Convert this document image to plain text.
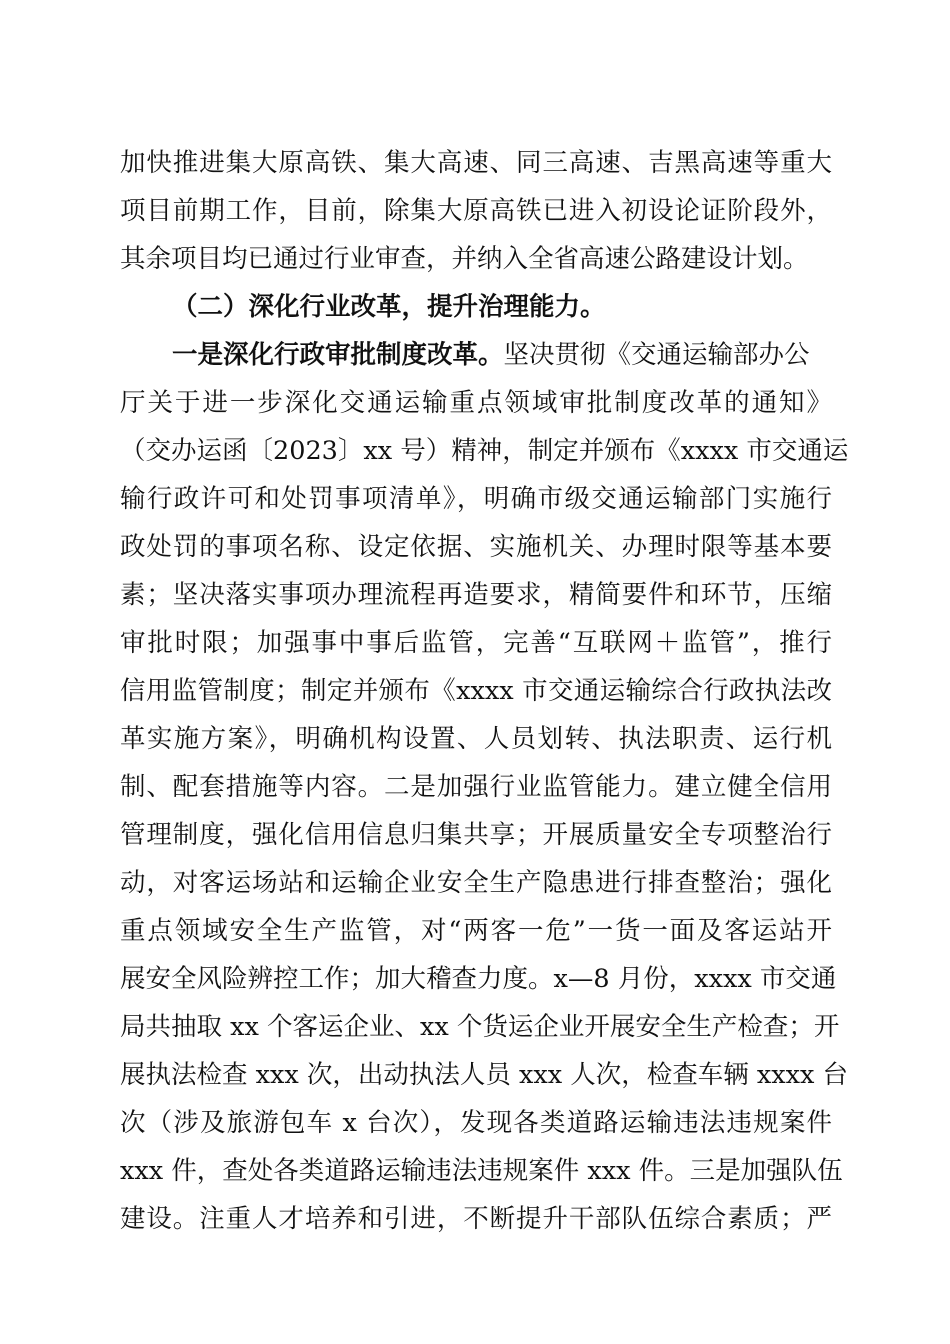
加快推进集大原高铁、集大高速、同三高速、吉黑高速等重大
项目前期工作，目前，除集大原高铁已进入初设论证阶段外，
其余项目均已通过行业审查，并纳入全省高速公路建设计划。
（二）深化行业改革，提升治理能力。
一是深化行政审批制度改革。坚决贯彻《交通运输部办公
厅关于进一步深化交通运输重点领域审批制度改革的通知》
（交办运函〔2023〕xx 号）精神，制定并颁布《xxxx 市交通运
输行政许可和处罚事项清单》，明确市级交通运输部门实施行
政处罚的事项名称、设定依据、实施机关、办理时限等基本要
素；坚决落实事项办理流程再造要求，精简要件和环节，压缩
审批时限；加强事中事后监管，完善“互联网＋监管”，推行
信用监管制度；制定并颁布《xxxx 市交通运输综合行政执法改
革实施方案》，明确机构设置、人员划转、执法职责、运行机
制、配套措施等内容。二是加强行业监管能力。建立健全信用
管理制度，强化信用信息归集共享；开展质量安全专项整治行
动，对客运场站和运输企业安全生产隐患进行排查整治；强化
重点领域安全生产监管，对“两客一危”一货一面及客运站开
展安全风险辨控工作；加大稽查力度。x—8 月份，xxxx 市交通
局共抽取 xx 个客运企业、xx 个货运企业开展安全生产检查；开
展执法检查 xxx 次，出动执法人员 xxx 人次，检查车辆 xxxx 台
次（涉及旅游包车 x 台次），发现各类道路运输违法违规案件
xxx 件，查处各类道路运输违法违规案件 xxx 件。三是加强队伍
建设。注重人才培养和引进，不断提升干部队伍综合素质；严
